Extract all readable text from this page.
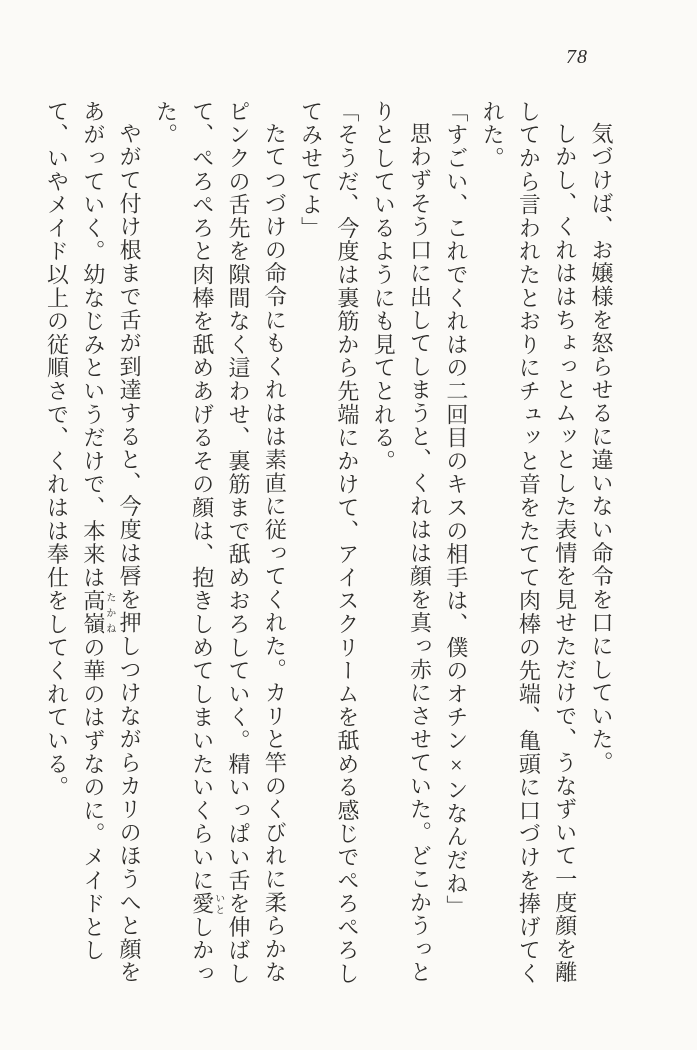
78

気づけば、お嬢様を怒らせるに違いない命令を口にしていた。

しかし、くれははちょっとムッとした表情を見せただけで、うなずいて一度顔を離してから言われたとおりにチュッと音をたてて肉棒の先端、亀頭に口づけを捧げてくれた。

「すごい、これでくれはの二回目のキスの相手は、僕のオチン×ンなんだね」

思わずそう口に出してしまうと、くれはは顔を真っ赤にさせていた。どこかうっとりとしているようにも見てとれる。

「そうだ、今度は裏筋から先端にかけて、アイスクリームを舐める感じでぺろぺろしてみせてよ」

たてつづけの命令にもくれはは素直に従ってくれた。カリと竿のくびれに柔らかなピンクの舌先を隙間なく這わせ、裏筋まで舐めおろしていく。精いっぱい舌を伸ばして、ぺろぺろと肉棒を舐めあげるその顔は、抱きしめてしまいたいくらいに愛いとしかった。

やがて付け根まで舌が到達すると、今度は唇を押しつけながらカリのほうへと顔をあがっていく。幼なじみというだけで、本来は高嶺たかねの華のはずなのに。メイドとして、いやメイド以上の従順さで、くれはは奉仕をしてくれている。
